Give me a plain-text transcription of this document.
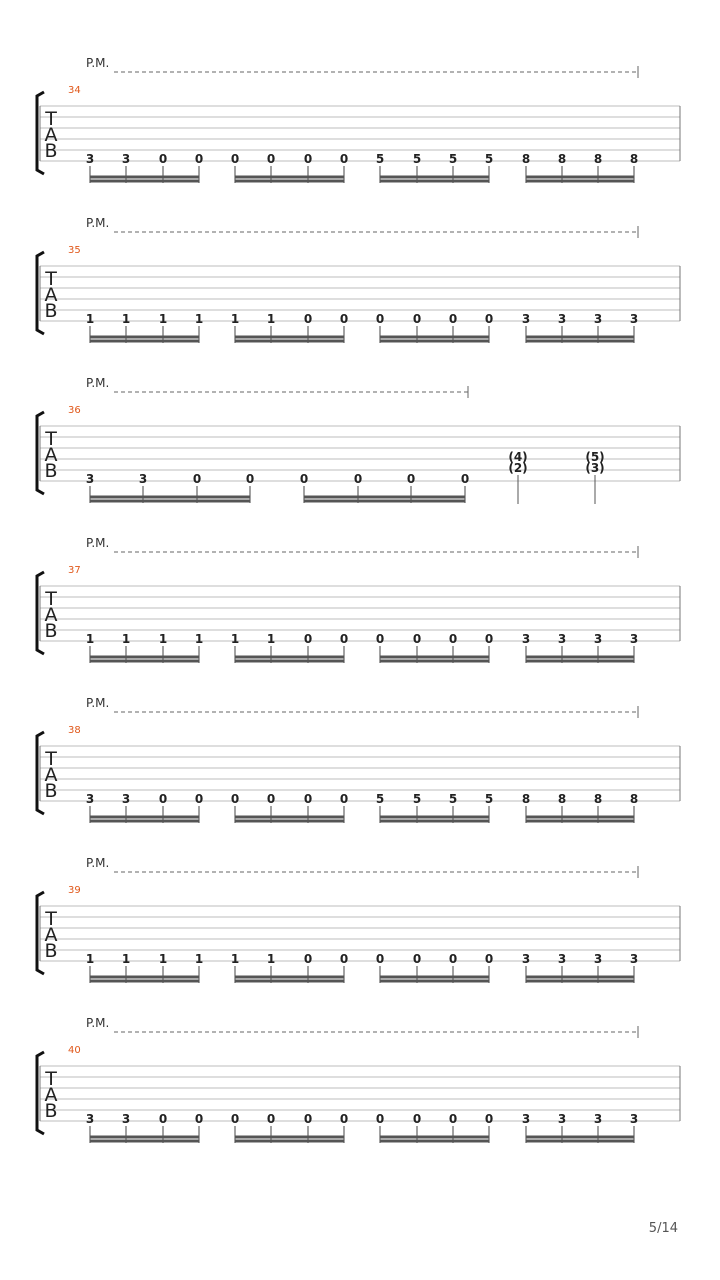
P.M.
34
T
A
B 3 3 0 0 0 0 0 0 5 5 5 5 8 8 8 8
P.M.
35
T
A
B 1 1 1 1 1 1 0 0 0 0 0 0 3 3 3 3
P.M.
36
T
A
B 3	3	0	0	0	0	0	0
(4)
(2)
(5)
(3)
P.M.
37
T
A
B 1 1 1 1 1 1 0 0 0 0 0 0 3 3 3 3
P.M.
38
T
A
B 3 3 0 0 0 0 0 0 5 5 5 5 8 8 8 8
P.M.
39
T
A
B 1 1 1 1 1 1 0 0 0 0 0 0 3 3 3 3
P.M.
40
T
A
B 3 3 0 0 0 0 0 0 0 0 0 0 3 3 3 3
5/14
